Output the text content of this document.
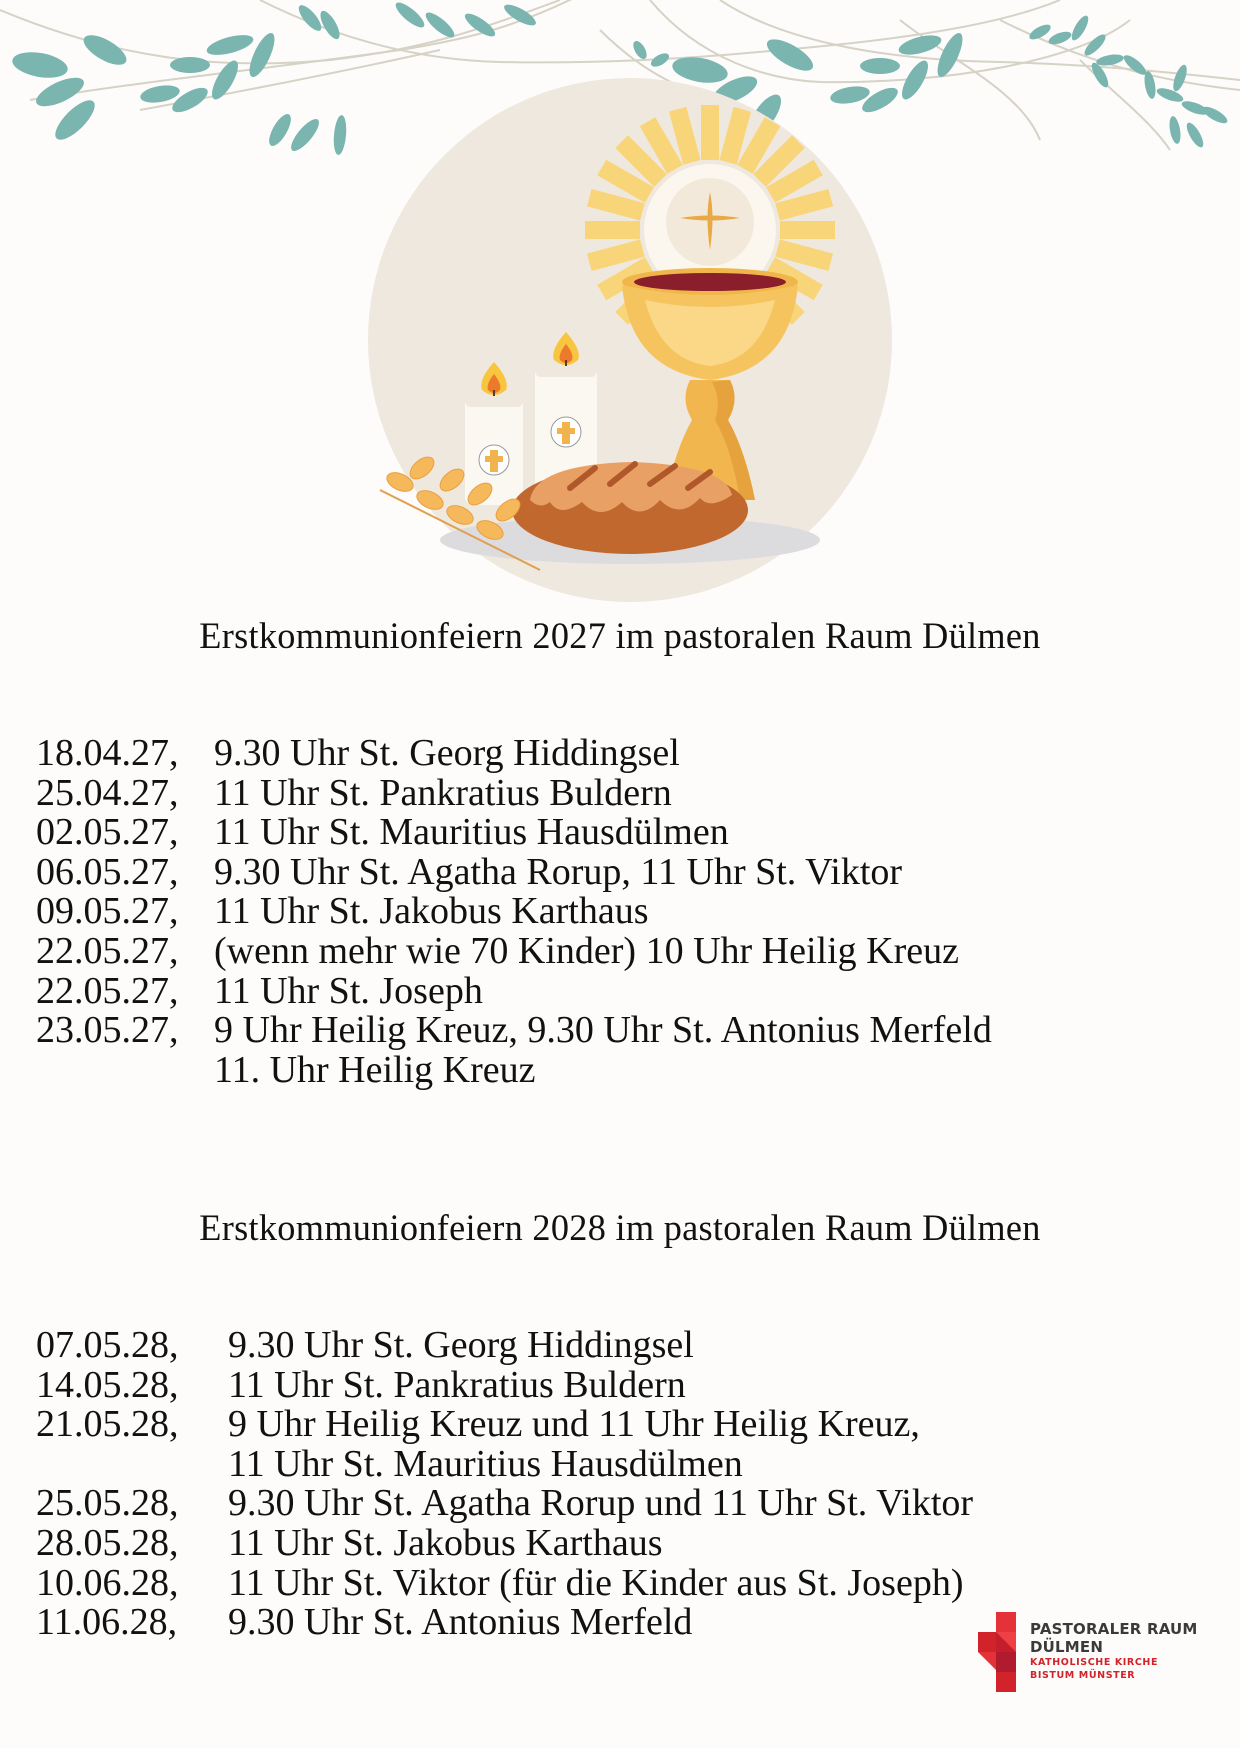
Erstkommunionfeiern 2027 im pastoralen Raum Dülmen
18.04.27, 9.30 Uhr St. Georg Hiddingsel
25.04.27, 11 Uhr St. Pankratius Buldern
02.05.27, 11 Uhr St. Mauritius Hausdülmen
06.05.27, 9.30 Uhr St. Agatha Rorup, 11 Uhr St. Viktor
09.05.27, 11 Uhr St. Jakobus Karthaus
22.05.27, (wenn mehr wie 70 Kinder) 10 Uhr Heilig Kreuz
22.05.27, 11 Uhr St. Joseph
23.05.27, 9 Uhr Heilig Kreuz, 9.30 Uhr St. Antonius Merfeld
11. Uhr Heilig Kreuz
Erstkommunionfeiern 2028 im pastoralen Raum Dülmen
07.05.28,	9.30 Uhr St. Georg Hiddingsel
14.05.28,	11 Uhr St. Pankratius Buldern
21.05.28,	9 Uhr Heilig Kreuz und 11 Uhr Heilig Kreuz,
11 Uhr St. Mauritius Hausdülmen
25.05.28,	9.30 Uhr St. Agatha Rorup und 11 Uhr St. Viktor
28.05.28,	11 Uhr St. Jakobus Karthaus
10.06.28,	11 Uhr St. Viktor (für die Kinder aus St. Joseph)
11.06.28,	9.30 Uhr St. Antonius Merfeld	PASTORALER RAUM
DÜLMEN
KATHOLISCHE KIRCHE
BISTUM MÜNSTER
